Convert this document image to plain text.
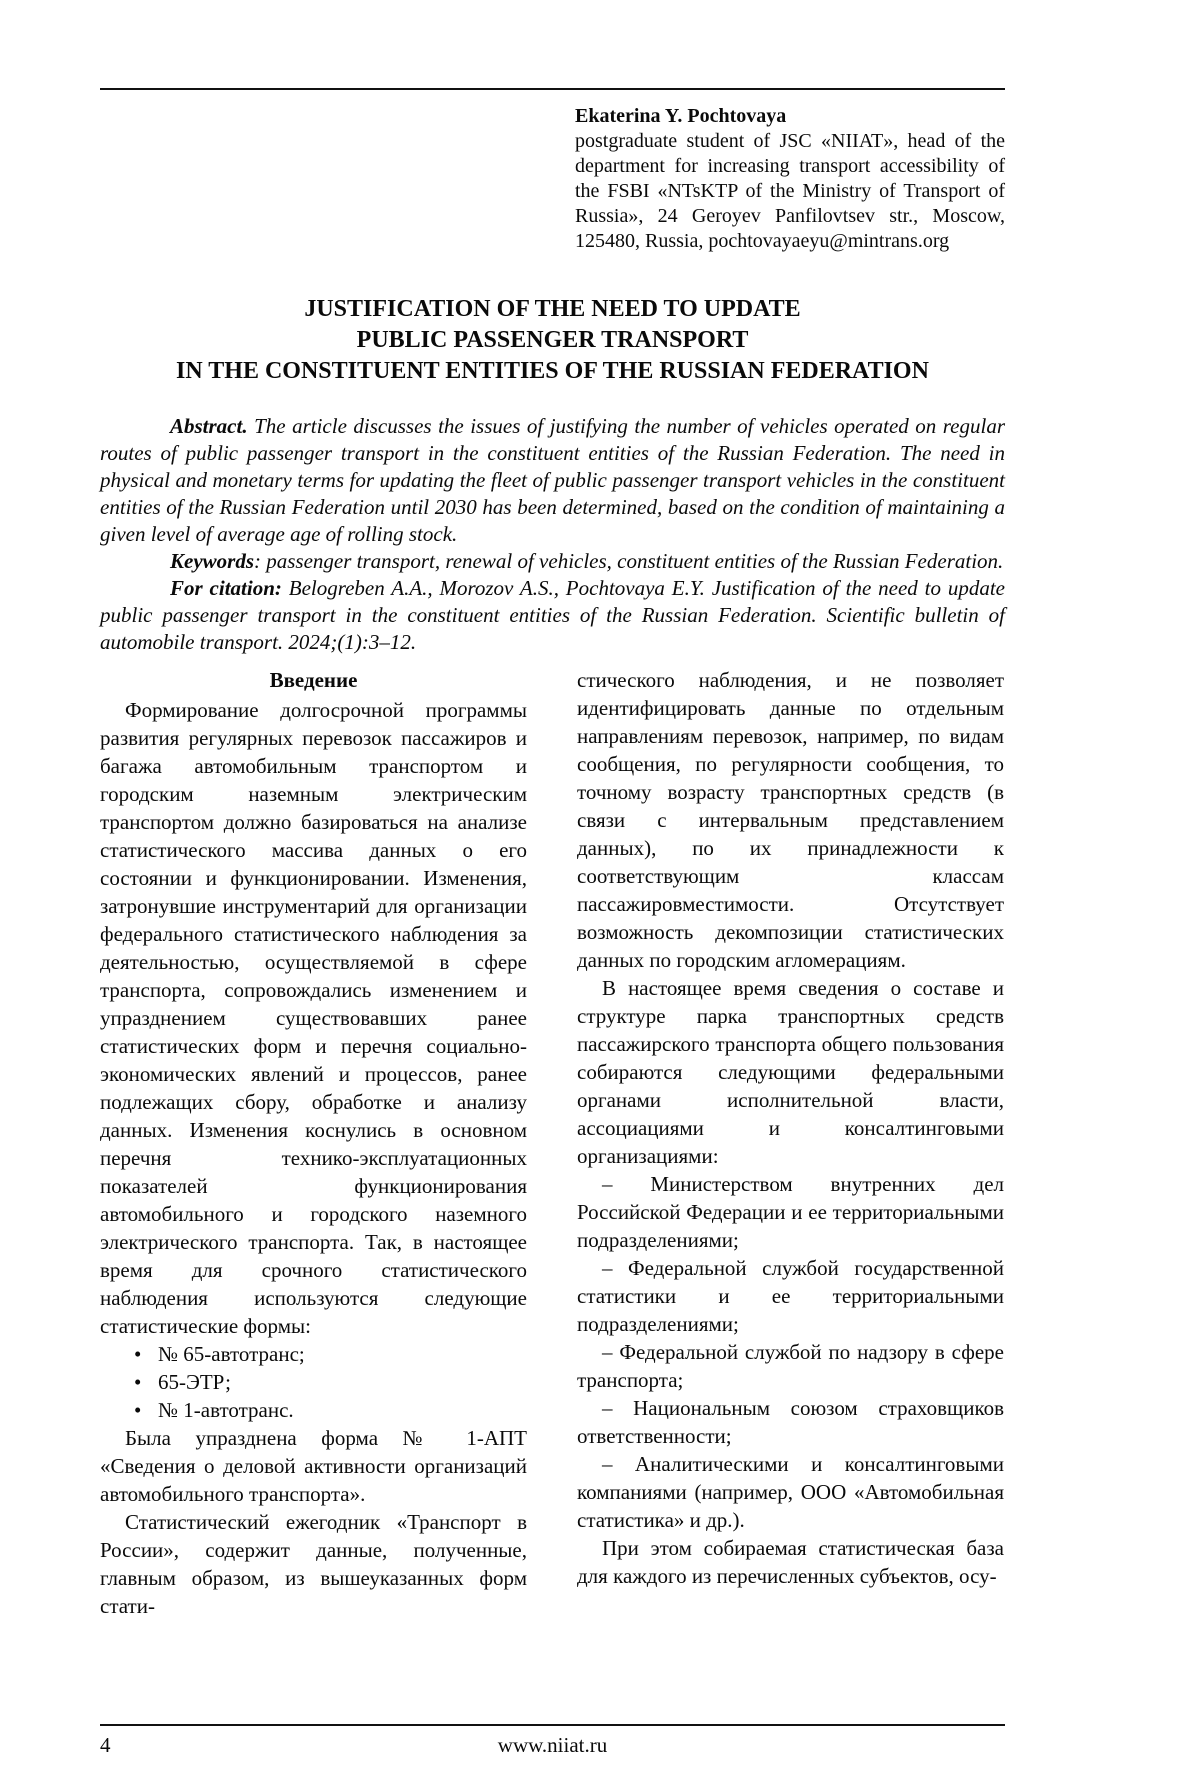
Ekaterina Y. Pochtovaya
postgraduate student of JSC «NIIAT», head of the department for increasing transport accessibility of the FSBI «NTsKTP of the Ministry of Transport of Russia», 24 Geroyev Panfilovtsev str., Moscow, 125480, Russia, pochtovayaeyu@mintrans.org
JUSTIFICATION OF THE NEED TO UPDATE
PUBLIC PASSENGER TRANSPORT
IN THE CONSTITUENT ENTITIES OF THE RUSSIAN FEDERATION

Abstract. The article discusses the issues of justifying the number of vehicles operated on regular routes of public passenger transport in the constituent entities of the Russian Federation. The need in physical and monetary terms for updating the fleet of public passenger transport vehicles in the constituent entities of the Russian Federation until 2030 has been determined, based on the condition of maintaining a given level of average age of rolling stock.

Keywords: passenger transport, renewal of vehicles, constituent entities of the Russian Federation.

For citation: Belogreben A.A., Morozov A.S., Pochtovaya E.Y. Justification of the need to update public passenger transport in the constituent entities of the Russian Federation. Scientific bulletin of automobile transport. 2024;(1):3–12.

Введение

Формирование долгосрочной программы развития регулярных перевозок пассажиров и багажа автомобильным транспортом и городским наземным электрическим транспортом должно базироваться на анализе статистического массива данных о его состоянии и функционировании. Изменения, затронувшие инструментарий для организации федерального статистического наблюдения за деятельностью, осуществляемой в сфере транспорта, сопровождались изменением и упразднением существовавших ранее статистических форм и перечня социально-экономических явлений и процессов, ранее подлежащих сбору, обработке и анализу данных. Изменения коснулись в основном перечня технико-эксплуатационных показателей функционирования автомобильного и городского наземного электрического транспорта. Так, в настоящее время для срочного статистического наблюдения используются следующие статистические формы:

• № 65-автотранс;
• 65-ЭТР;
• № 1-автотранс.

Была упразднена форма № 1-АПТ «Сведения о деловой активности организаций автомобильного транспорта».

Статистический ежегодник «Транспорт в России», содержит данные, полученные, главным образом, из вышеуказанных форм стати-

стического наблюдения, и не позволяет идентифицировать данные по отдельным направлениям перевозок, например, по видам сообщения, по регулярности сообщения, то точному возрасту транспортных средств (в связи с интервальным представлением данных), по их принадлежности к соответствующим классам пассажировместимости. Отсутствует возможность декомпозиции статистических данных по городским агломерациям.

В настоящее время сведения о составе и структуре парка транспортных средств пассажирского транспорта общего пользования собираются следующими федеральными органами исполнительной власти, ассоциациями и консалтинговыми организациями:

– Министерством внутренних дел Российской Федерации и ее территориальными подразделениями;

– Федеральной службой государственной статистики и ее территориальными подразделениями;

– Федеральной службой по надзору в сфере транспорта;

– Национальным союзом страховщиков ответственности;

– Аналитическими и консалтинговыми компаниями (например, ООО «Автомобильная статистика» и др.).

При этом собираемая статистическая база для каждого из перечисленных субъектов, осу-

4	www.niiat.ru
